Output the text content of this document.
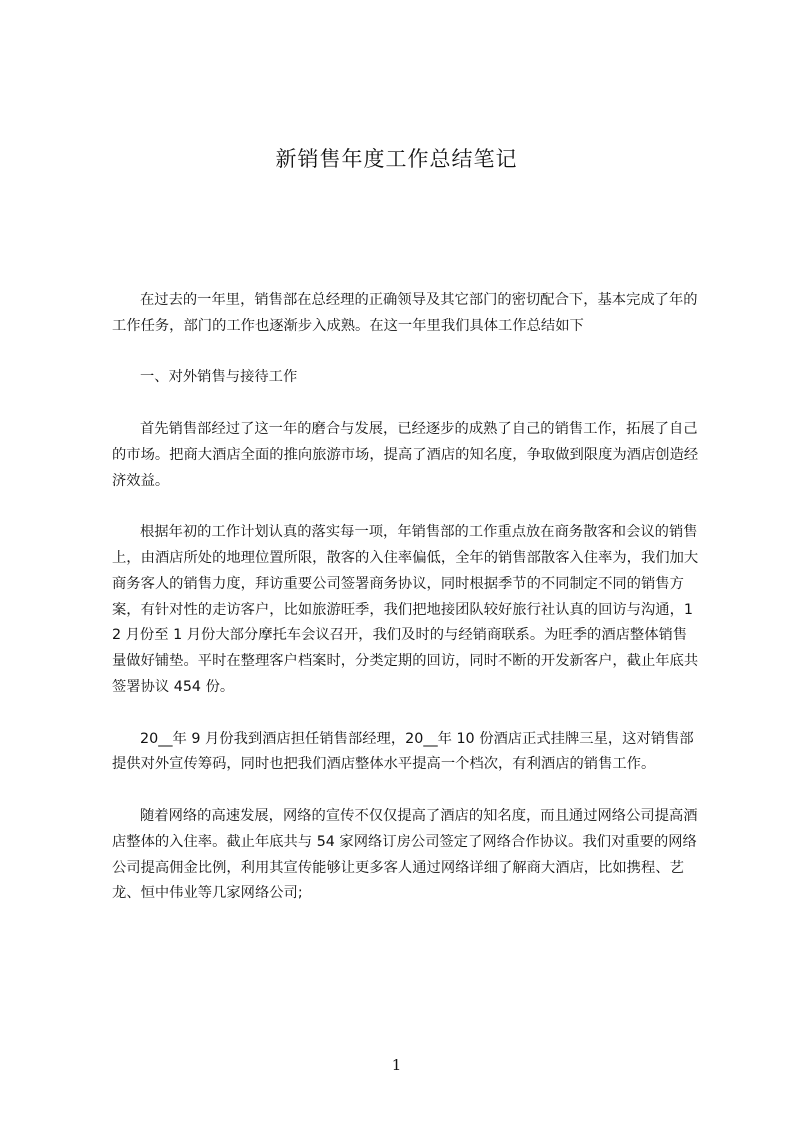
新销售年度工作总结笔记

在过去的一年里，销售部在总经理的正确领导及其它部门的密切配合下，基本完成了年的工作任务，部门的工作也逐渐步入成熟。在这一年里我们具体工作总结如下

一、对外销售与接待工作

首先销售部经过了这一年的磨合与发展，已经逐步的成熟了自己的销售工作，拓展了自己的市场。把商大酒店全面的推向旅游市场，提高了酒店的知名度，争取做到限度为酒店创造经济效益。

根据年初的工作计划认真的落实每一项，年销售部的工作重点放在商务散客和会议的销售上，由酒店所处的地理位置所限，散客的入住率偏低，全年的销售部散客入住率为，我们加大商务客人的销售力度，拜访重要公司签署商务协议，同时根据季节的不同制定不同的销售方案，有针对性的走访客户，比如旅游旺季，我们把地接团队较好旅行社认真的回访与沟通，12 月份至 1 月份大部分摩托车会议召开，我们及时的与经销商联系。为旺季的酒店整体销售量做好铺垫。平时在整理客户档案时，分类定期的回访，同时不断的开发新客户，截止年底共签署协议 454 份。

20__年 9 月份我到酒店担任销售部经理，20__年 10 份酒店正式挂牌三星，这对销售部提供对外宣传筹码，同时也把我们酒店整体水平提高一个档次，有利酒店的销售工作。

随着网络的高速发展，网络的宣传不仅仅提高了酒店的知名度，而且通过网络公司提高酒店整体的入住率。截止年底共与 54 家网络订房公司签定了网络合作协议。我们对重要的网络公司提高佣金比例，利用其宣传能够让更多客人通过网络详细了解商大酒店，比如携程、艺龙、恒中伟业等几家网络公司;

1
